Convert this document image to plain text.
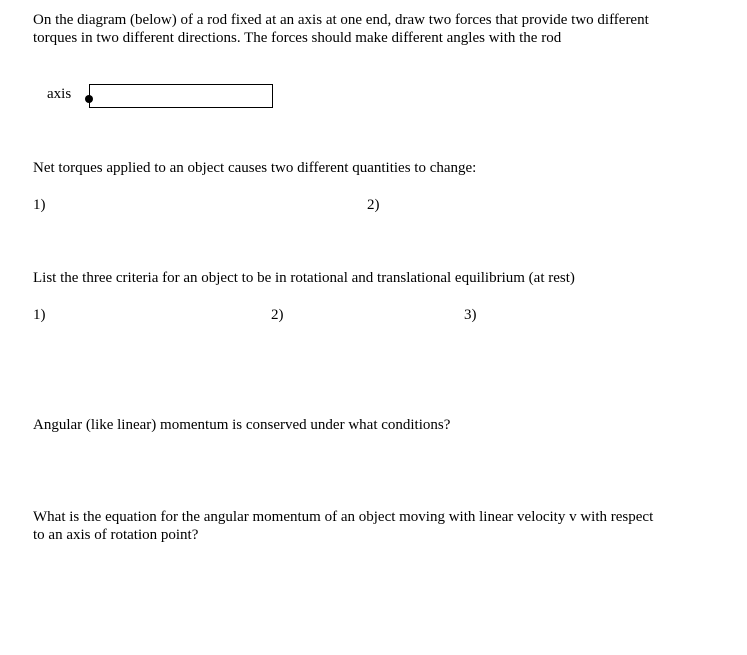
On the diagram (below) of a rod fixed at an axis at one end, draw two forces that provide two different
torques in two different directions. The forces should make different angles with the rod
axis
Net torques applied to an object causes two different quantities to change:
1)	2)
List the three criteria for an object to be in rotational and translational equilibrium (at rest)
1)	2)	3)
Angular (like linear) momentum is conserved under what conditions?
What is the equation for the angular momentum of an object moving with linear velocity v with respect
to an axis of rotation point?
